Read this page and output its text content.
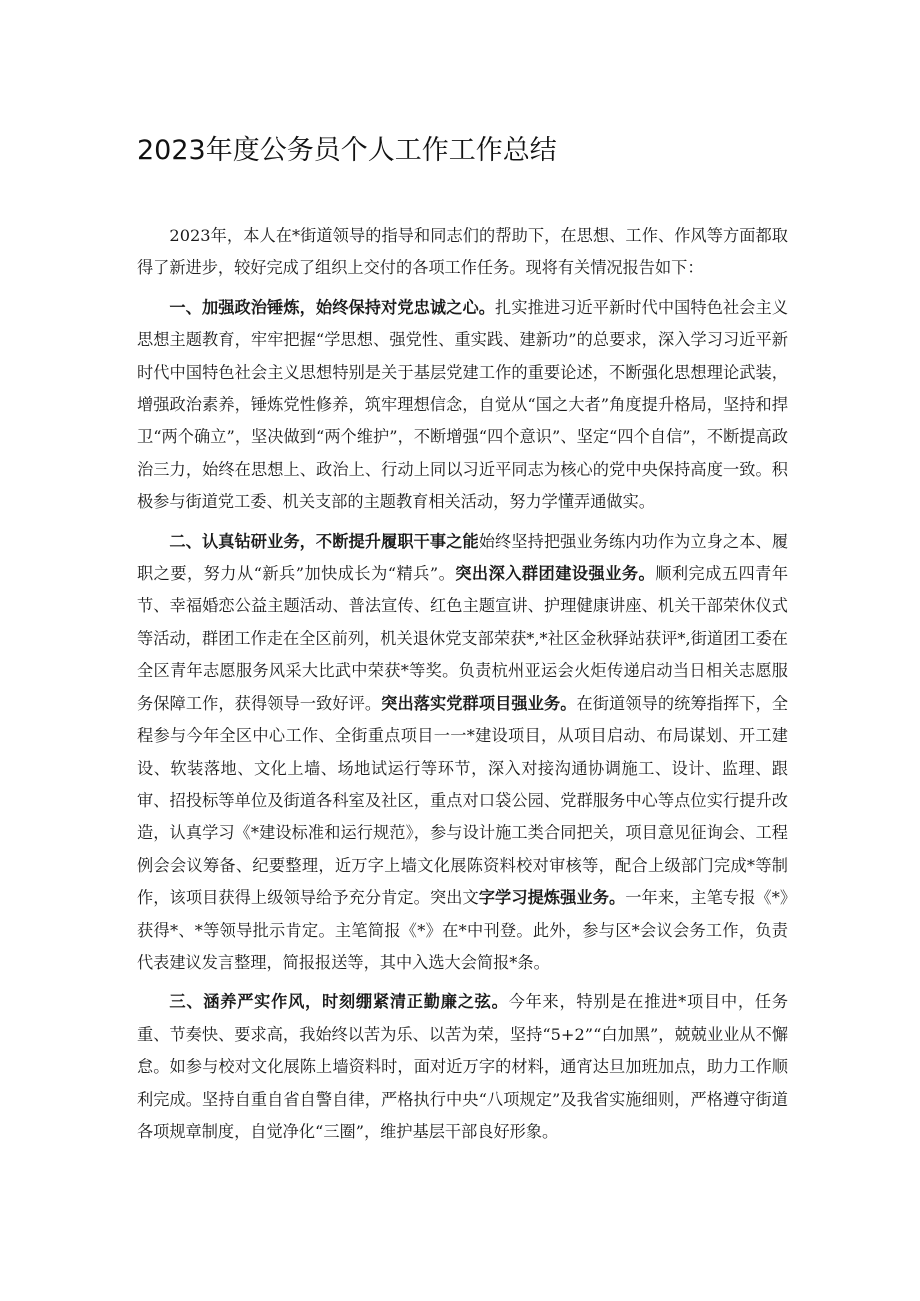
2023年度公务员个人工作工作总结

2023年，本人在*街道领导的指导和同志们的帮助下，在思想、工作、作风等方面都取得了新进步，较好完成了组织上交付的各项工作任务。现将有关情况报告如下：

一、加强政治锤炼，始终保持对党忠诚之心。扎实推进习近平新时代中国特色社会主义思想主题教育，牢牢把握“学思想、强党性、重实践、建新功”的总要求，深入学习习近平新时代中国特色社会主义思想特别是关于基层党建工作的重要论述，不断强化思想理论武装，增强政治素养，锤炼党性修养，筑牢理想信念，自觉从“国之大者”角度提升格局，坚持和捍卫“两个确立”，坚决做到“两个维护”，不断增强“四个意识”、坚定“四个自信”，不断提高政治三力，始终在思想上、政治上、行动上同以习近平同志为核心的党中央保持高度一致。积极参与街道党工委、机关支部的主题教育相关活动，努力学懂弄通做实。

二、认真钻研业务，不断提升履职干事之能始终坚持把强业务练内功作为立身之本、履职之要，努力从“新兵”加快成长为“精兵”。突出深入群团建设强业务。顺利完成五四青年节、幸福婚恋公益主题活动、普法宣传、红色主题宣讲、护理健康讲座、机关干部荣休仪式等活动，群团工作走在全区前列，机关退休党支部荣获*,*社区金秋驿站获评*,街道团工委在全区青年志愿服务风采大比武中荣获*等奖。负责杭州亚运会火炬传递启动当日相关志愿服务保障工作，获得领导一致好评。突出落实党群项目强业务。在街道领导的统筹指挥下，全程参与今年全区中心工作、全街重点项目一一*建设项目，从项目启动、布局谋划、开工建设、软装落地、文化上墙、场地试运行等环节，深入对接沟通协调施工、设计、监理、跟审、招投标等单位及街道各科室及社区，重点对口袋公园、党群服务中心等点位实行提升改造，认真学习《*建设标准和运行规范》，参与设计施工类合同把关，项目意见征询会、工程例会会议筹备、纪要整理，近万字上墙文化展陈资料校对审核等，配合上级部门完成*等制作，该项目获得上级领导给予充分肯定。突出文字学习提炼强业务。一年来，主笔专报《*》获得*、*等领导批示肯定。主笔简报《*》在*中刊登。此外，参与区*会议会务工作，负责代表建议发言整理，简报报送等，其中入选大会简报*条。

三、涵养严实作风，时刻绷紧清正勤廉之弦。今年来，特别是在推进*项目中，任务重、节奏快、要求高，我始终以苦为乐、以苦为荣，坚持“5+2”“白加黑”，兢兢业业从不懈怠。如参与校对文化展陈上墙资料时，面对近万字的材料，通宵达旦加班加点，助力工作顺利完成。坚持自重自省自警自律，严格执行中央“八项规定”及我省实施细则，严格遵守街道各项规章制度，自觉净化“三圈”，维护基层干部良好形象。
